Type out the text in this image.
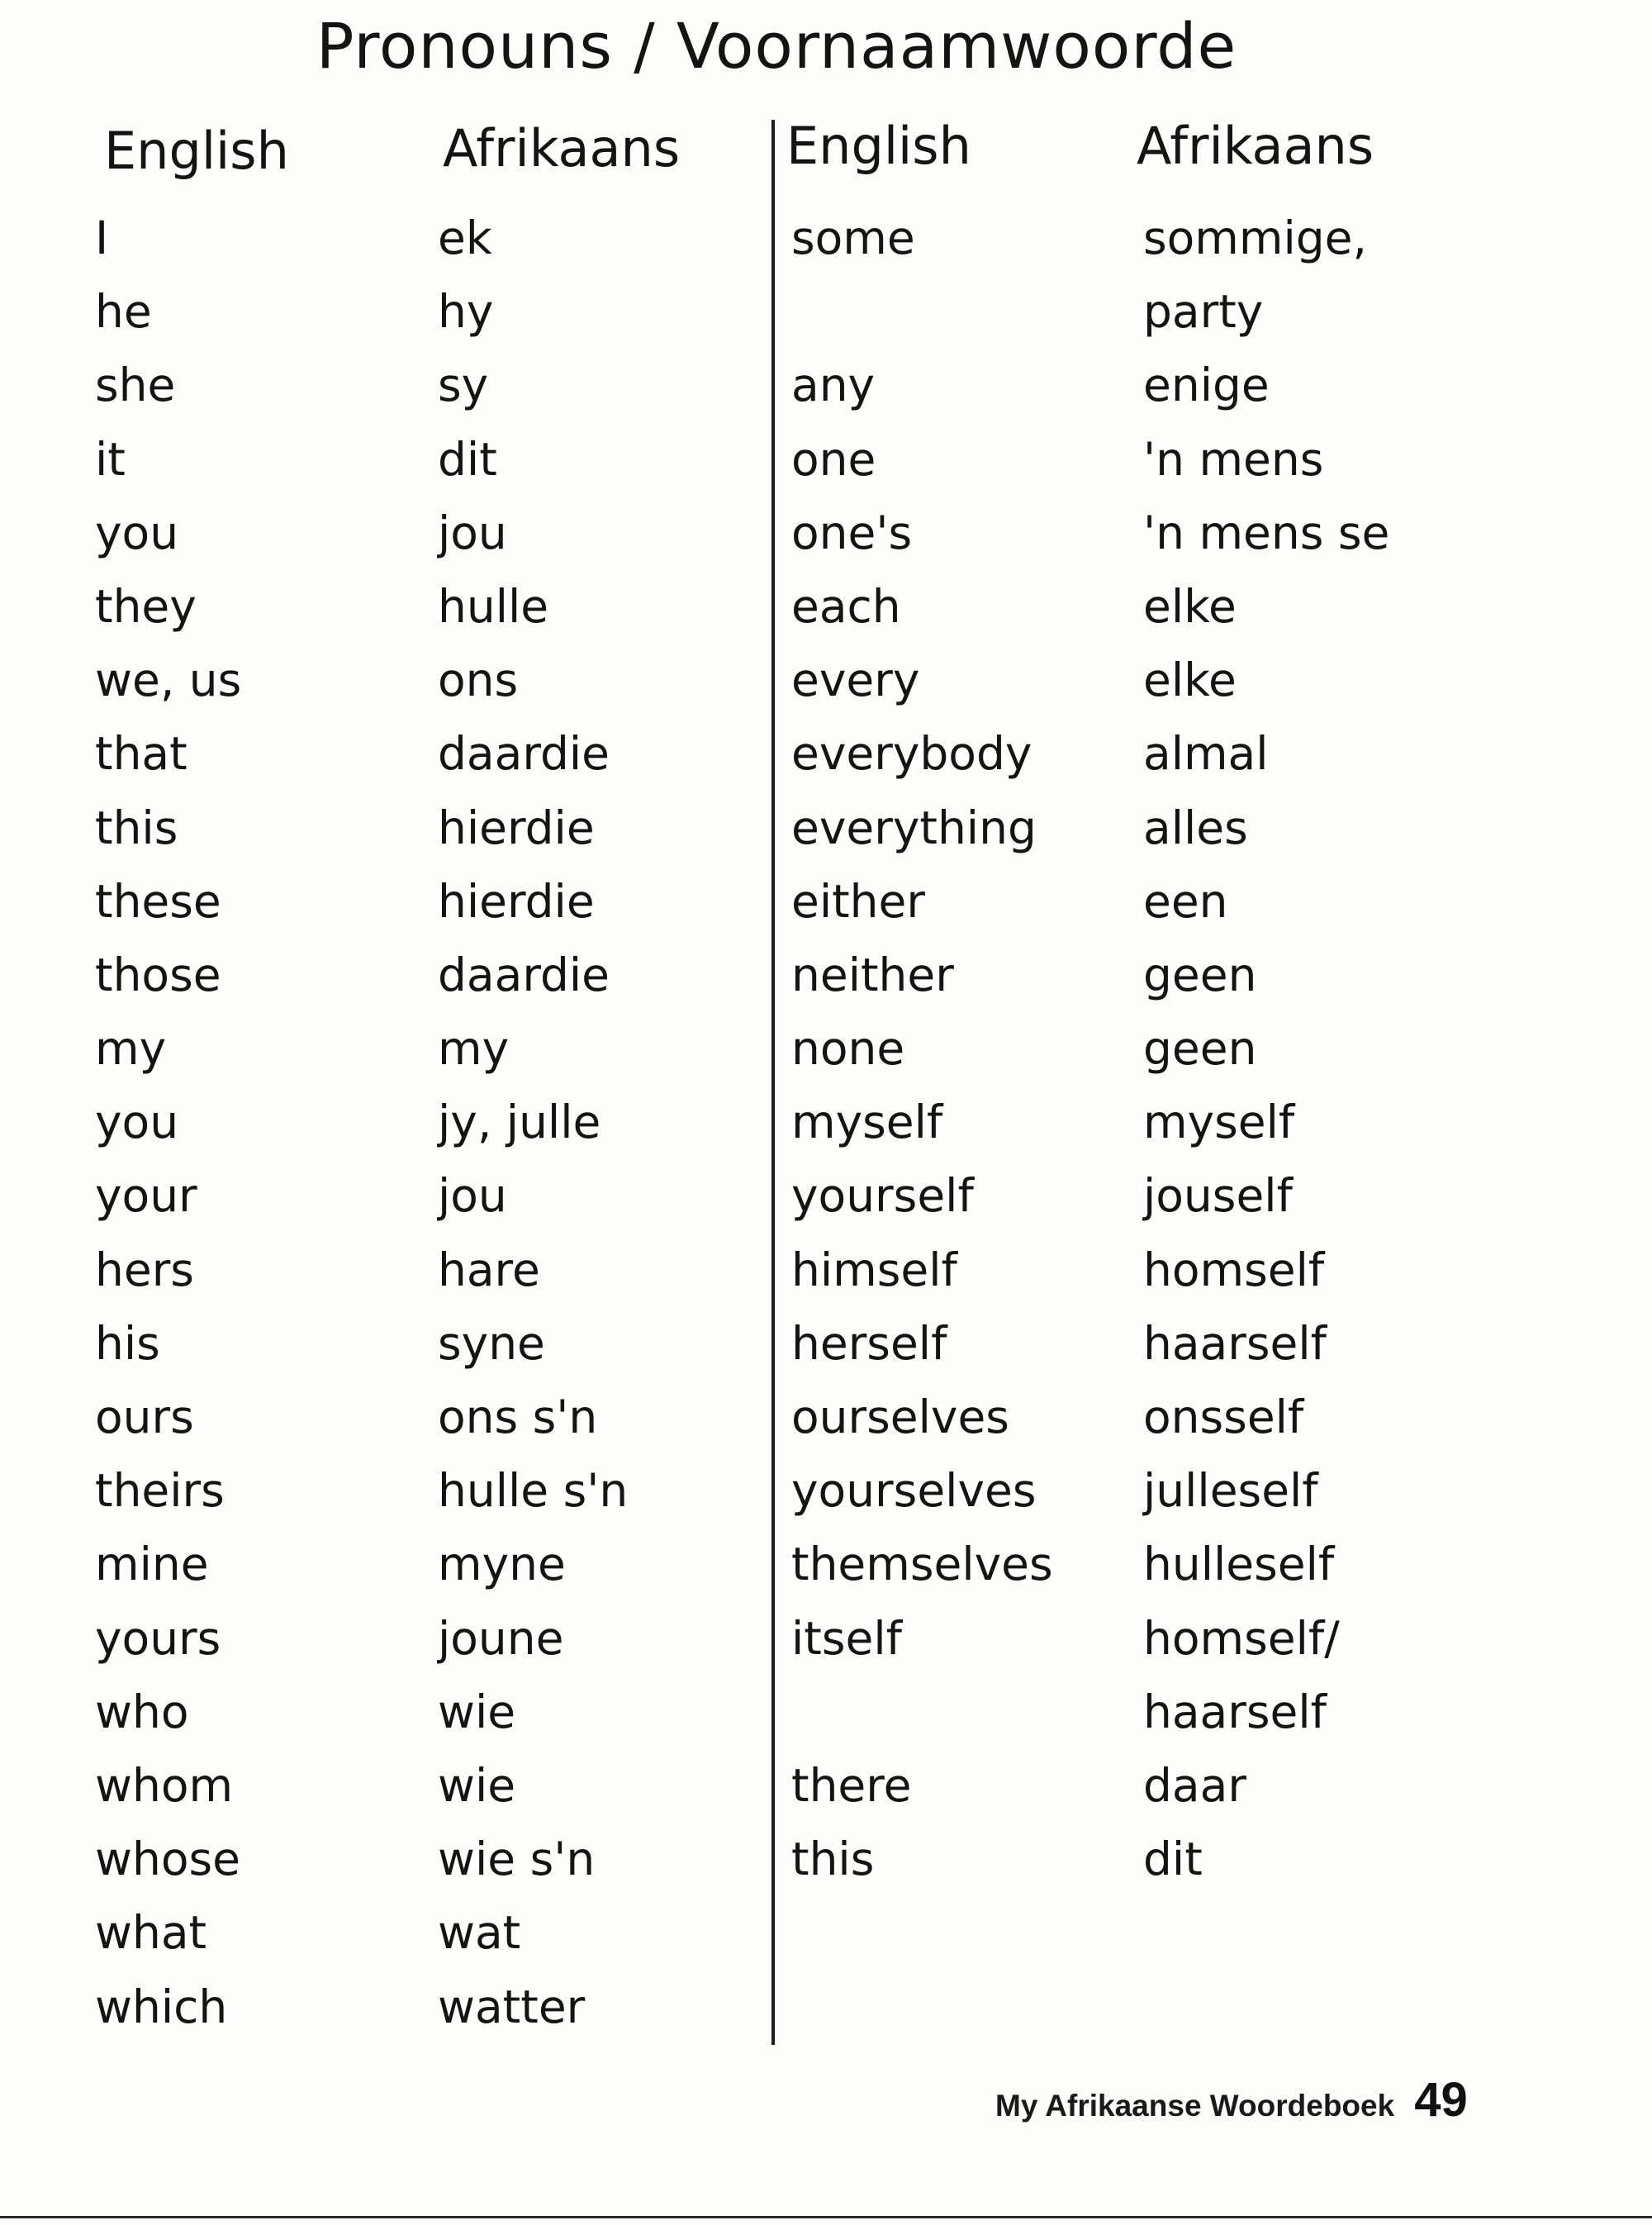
Pronouns / Voornaamwoorde
English	Afrikaans English	Afrikaans
I
he
she
it
you
they
we, us
that
this
these
those
my
you
your
hers
his
ours
theirs
mine
yours
who
whom
whose
what
which
ek
hy
sy
dit
jou
hulle
ons
daardie
hierdie
hierdie
daardie
my
jy, julle
jou
hare
syne
ons s'n
hulle s'n
myne
joune
wie
wie
wie s'n
wat
watter
some
any
one
one's
each
every
everybody
everything
either
neither
none
myself
yourself
himself
herself
ourselves
yourselves
themselves
itself
there
this
sommige,
party
enige
'n mens
'n mens se
elke
elke
almal
alles
een
geen
geen
myself
jouself
homself
haarself
onsself
julleself
hulleself
homself/
haarself
daar
dit
My Afrikaanse Woordeboek 49
